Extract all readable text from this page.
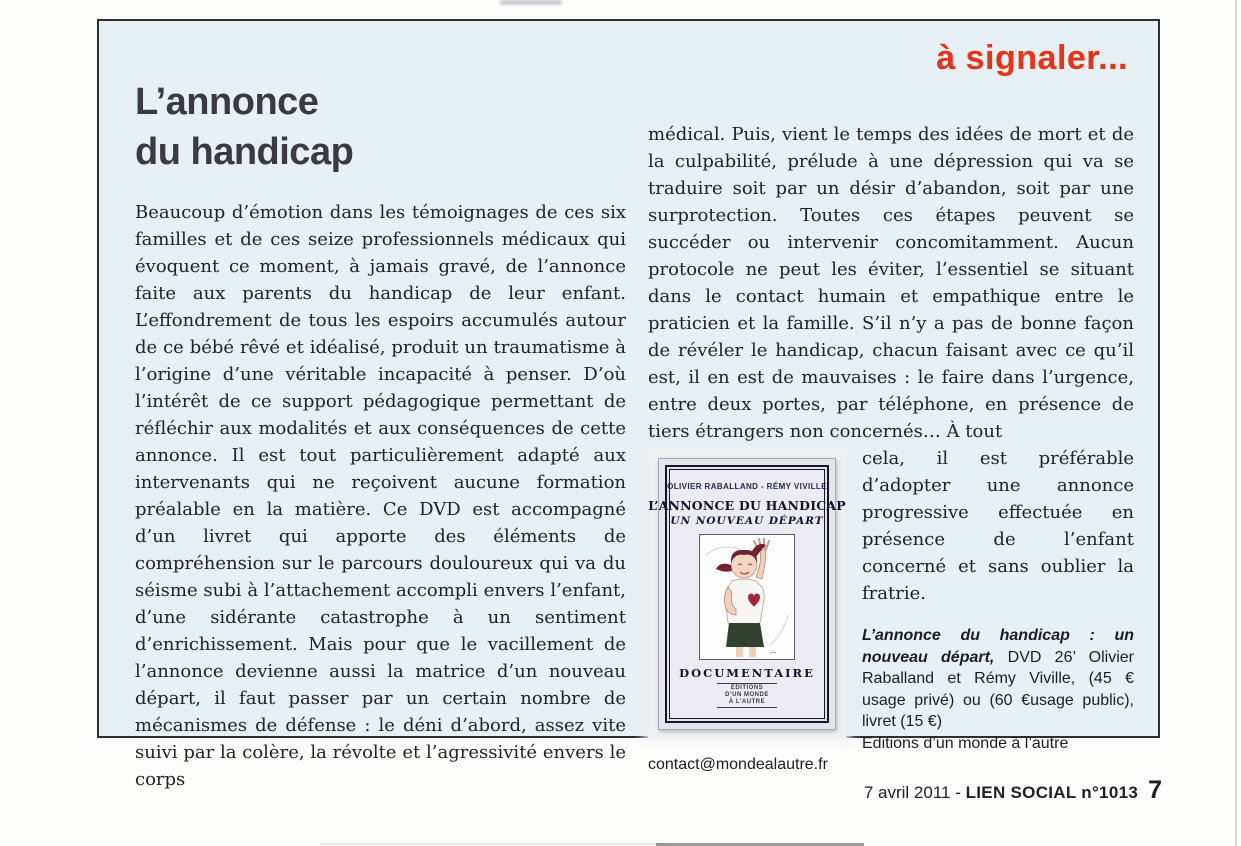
à signaler...
L’annonce
du handicap

Beaucoup d’émotion dans les témoignages de ces six familles et de ces seize professionnels médicaux qui évoquent ce moment, à jamais gravé, de l’annonce faite aux parents du handicap de leur enfant. L’effondrement de tous les espoirs accumulés autour de ce bébé rêvé et idéalisé, produit un traumatisme à l’origine d’une véritable incapacité à penser. D’où l’intérêt de ce support pédagogique permettant de réfléchir aux modalités et aux conséquences de cette annonce. Il est tout particulièrement adapté aux intervenants qui ne reçoivent aucune formation préalable en la matière. Ce DVD est accompagné d’un livret qui apporte des éléments de compréhension sur le parcours douloureux qui va du séisme subi à l’attachement accompli envers l’enfant, d’une sidérante catastrophe à un sentiment d’enrichissement. Mais pour que le vacillement de l’annonce devienne aussi la matrice d’un nouveau départ, il faut passer par un certain nombre de mécanismes de défense : le déni d’abord, assez vite suivi par la colère, la révolte et l’agressivité envers le corps

médical. Puis, vient le temps des idées de mort et de la culpabilité, prélude à une dépression qui va se traduire soit par un désir d’abandon, soit par une surprotection. Toutes ces étapes peuvent se succéder ou intervenir concomitamment. Aucun protocole ne peut les éviter, l’essentiel se situant dans le contact humain et empathique entre le praticien et la famille. S’il n’y a pas de bonne façon de révéler le handicap, chacun faisant avec ce qu’il est, il en est de mauvaises : le faire dans l’urgence, entre deux portes, par téléphone, en présence de tiers étrangers non concernés… À tout

OLIVIER RABALLAND - RÉMY VIVILLE
L’ANNONCE DU HANDICAP
UN NOUVEAU DÉPART
DOCUMENTAIRE
ÉDITIONS
D’UN MONDE
À L’AUTRE

cela, il est préférable d’adopter une annonce progressive effectuée en présence de l’enfant concerné et sans oublier la fratrie.

L’annonce du handicap : un nouveau départ, DVD 26’ Olivier Raballand et Rémy Viville, (45 € usage privé) ou (60 €usage public), livret (15 €)

Editions d’un monde à l’autre
contact@mondealautre.fr
7 avril 2011 - LIEN SOCIAL n°1013 7
